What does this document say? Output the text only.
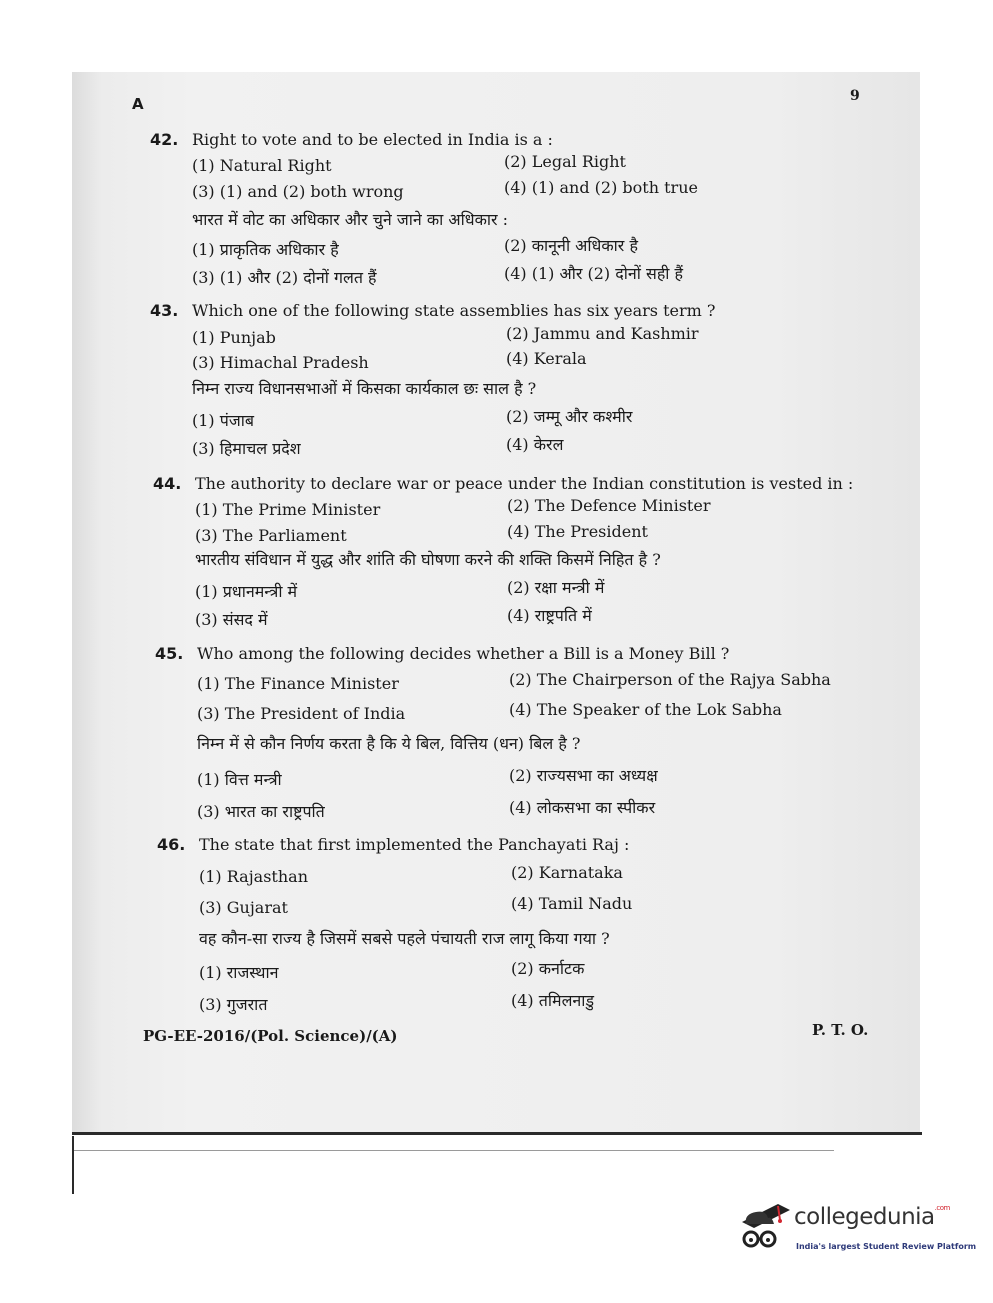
A	9
42. Right to vote and to be elected in India is a :
(1) Natural Right	(2) Legal Right
(3) (1) and (2) both wrong	(4) (1) and (2) both true
भारत में वोट का अधिकार और चुने जाने का अधिकार :
(1) प्राकृतिक अधिकार है	(2) कानूनी अधिकार है
(3) (1) और (2) दोनों गलत हैं	(4) (1) और (2) दोनों सही हैं
43. Which one of the following state assemblies has six years term ?
(1) Punjab	(2) Jammu and Kashmir
(3) Himachal Pradesh	(4) Kerala
निम्न राज्य विधानसभाओं में किसका कार्यकाल छः साल है ?
(1) पंजाब	(2) जम्मू और कश्मीर
(3) हिमाचल प्रदेश	(4) केरल
44. The authority to declare war or peace under the Indian constitution is vested in :
(1) The Prime Minister	(2) The Defence Minister
(3) The Parliament	(4) The President
भारतीय संविधान में युद्ध और शांति की घोषणा करने की शक्ति किसमें निहित है ?
(1) प्रधानमन्त्री में	(2) रक्षा मन्त्री में
(3) संसद में	(4) राष्ट्रपति में
45. Who among the following decides whether a Bill is a Money Bill ?
(1) The Finance Minister	(2) The Chairperson of the Rajya Sabha
(3) The President of India	(4) The Speaker of the Lok Sabha
निम्न में से कौन निर्णय करता है कि ये बिल, वित्तिय (धन) बिल है ?
(1) वित्त मन्त्री	(2) राज्यसभा का अध्यक्ष
(3) भारत का राष्ट्रपति	(4) लोकसभा का स्पीकर
46. The state that first implemented the Panchayati Raj :
(1) Rajasthan	(2) Karnataka
(3) Gujarat	(4) Tamil Nadu
वह कौन-सा राज्य है जिसमें सबसे पहले पंचायती राज लागू किया गया ?
(1) राजस्थान	(2) कर्नाटक
(3) गुजरात	(4) तमिलनाडु
PG-EE-2016/(Pol. Science)/(A)	P. T. O.
collegedunia$^{.com}$
India's largest Student Review Platform
